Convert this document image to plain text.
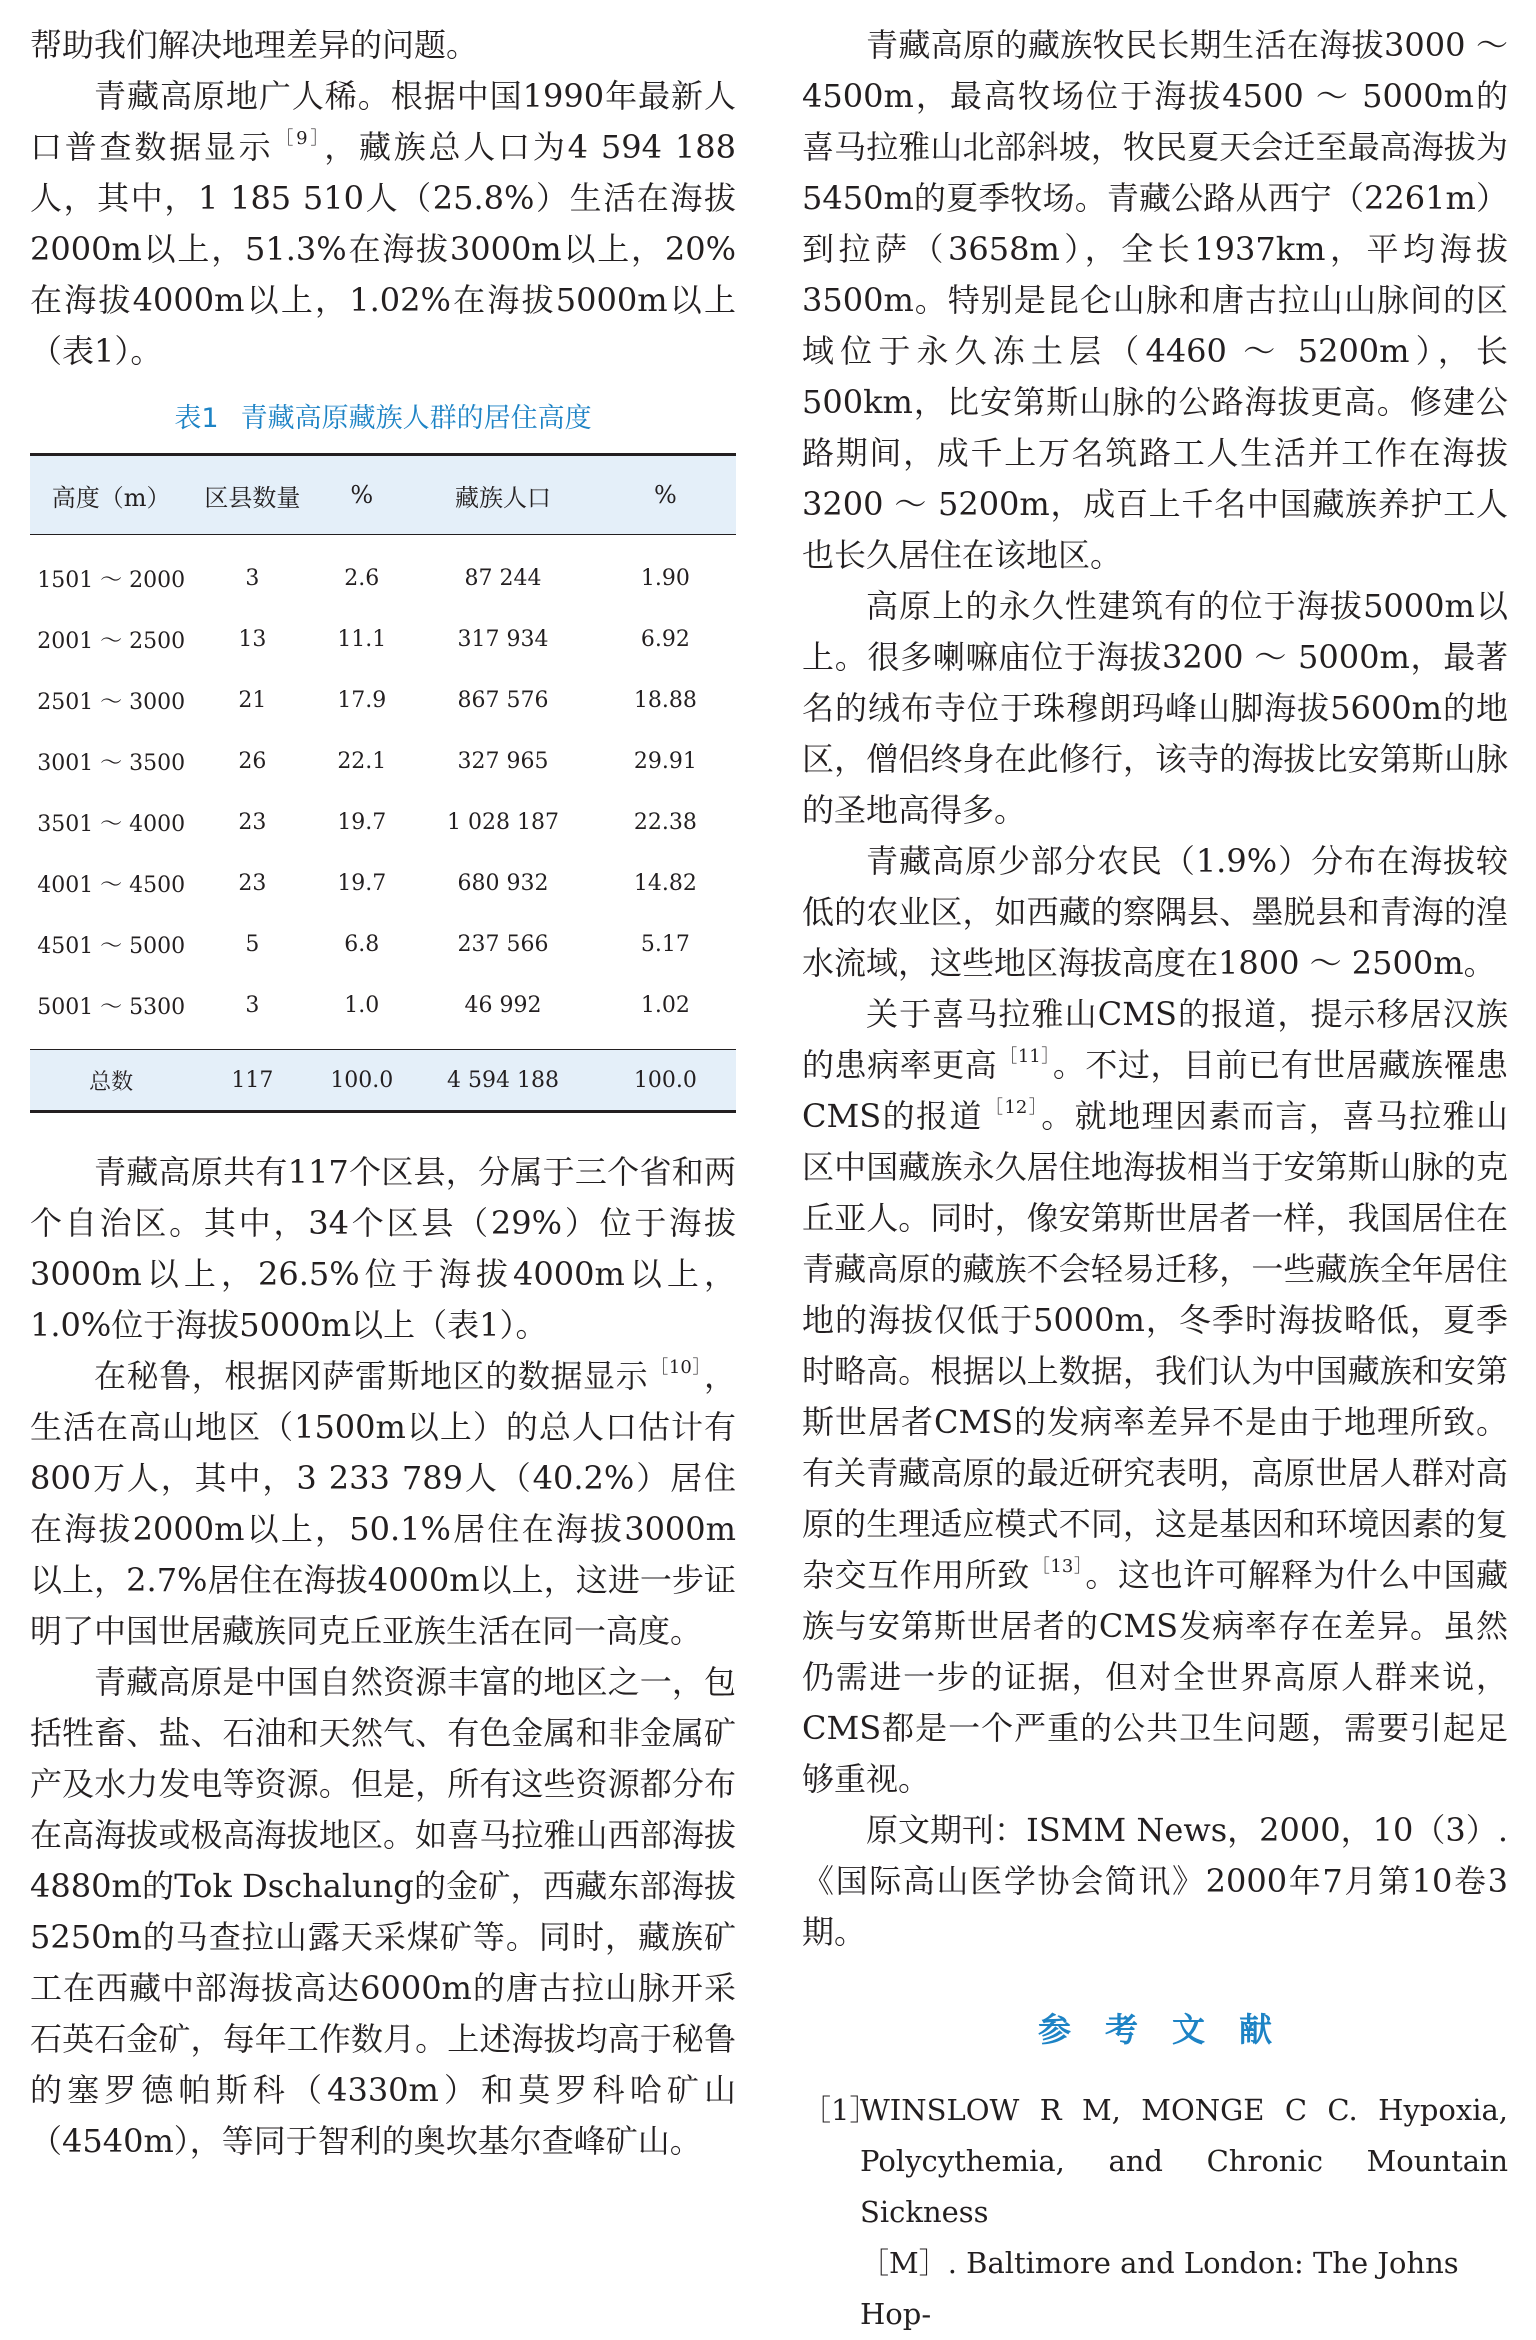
帮助我们解决地理差异的问题。

青藏高原地广人稀。根据中国1990年最新人口普查数据显示 $^{[9]}$，藏族总人口为4 594 188人，其中，1 185 510人（25.8%）生活在海拔2000m以上，51.3%在海拔3000m以上，20%在海拔4000m以上，1.02%在海拔5000m以上（表1）。

表1 青藏高原藏族人群的居住高度
高度（m）	区县数量	%	藏族人口	%
1501 ～ 2000	3	2.6	87 244	1.90
2001 ～ 2500	13	11.1	317 934	6.92
2501 ～ 3000	21	17.9	867 576	18.88
3001 ～ 3500	26	22.1	327 965	29.91
3501 ～ 4000	23	19.7	1 028 187	22.38
4001 ～ 4500	23	19.7	680 932	14.82
4501 ～ 5000	5	6.8	237 566	5.17
5001 ～ 5300	3	1.0	46 992	1.02
总数	117	100.0	4 594 188	100.0

青藏高原共有117个区县，分属于三个省和两个自治区。其中，34个区县（29%）位于海拔3000m以上，26.5%位于海拔4000m以上，1.0%位于海拔5000m以上（表1）。

在秘鲁，根据冈萨雷斯地区的数据显示 $^{[10]}$，生活在高山地区（1500m以上）的总人口估计有800万人，其中，3 233 789人（40.2%）居住在海拔2000m以上，50.1%居住在海拔3000m以上，2.7%居住在海拔4000m以上，这进一步证明了中国世居藏族同克丘亚族生活在同一高度。

青藏高原是中国自然资源丰富的地区之一，包括牲畜、盐、石油和天然气、有色金属和非金属矿产及水力发电等资源。但是，所有这些资源都分布在高海拔或极高海拔地区。如喜马拉雅山西部海拔4880m的Tok Dschalung的金矿，西藏东部海拔5250m的马查拉山露天采煤矿等。同时，藏族矿工在西藏中部海拔高达6000m的唐古拉山脉开采石英石金矿，每年工作数月。上述海拔均高于秘鲁的塞罗德帕斯科（4330m）和莫罗科哈矿山（4540m），等同于智利的奥坎基尔查峰矿山。

青藏高原的藏族牧民长期生活在海拔3000 ～ 4500m，最高牧场位于海拔4500 ～ 5000m的喜马拉雅山北部斜坡，牧民夏天会迁至最高海拔为5450m的夏季牧场。青藏公路从西宁（2261m）到拉萨（3658m），全长1937km，平均海拔3500m。特别是昆仑山脉和唐古拉山山脉间的区域位于永久冻土层（4460 ～ 5200m），长500km，比安第斯山脉的公路海拔更高。修建公路期间，成千上万名筑路工人生活并工作在海拔3200 ～ 5200m，成百上千名中国藏族养护工人也长久居住在该地区。

高原上的永久性建筑有的位于海拔5000m以上。很多喇嘛庙位于海拔3200 ～ 5000m，最著名的绒布寺位于珠穆朗玛峰山脚海拔5600m的地区，僧侣终身在此修行，该寺的海拔比安第斯山脉的圣地高得多。

青藏高原少部分农民（1.9%）分布在海拔较低的农业区，如西藏的察隅县、墨脱县和青海的湟水流域，这些地区海拔高度在1800 ～ 2500m。

关于喜马拉雅山CMS的报道，提示移居汉族的患病率更高 $^{[11]}$。不过，目前已有世居藏族罹患CMS的报道 $^{[12]}$。就地理因素而言，喜马拉雅山区中国藏族永久居住地海拔相当于安第斯山脉的克丘亚人。同时，像安第斯世居者一样，我国居住在青藏高原的藏族不会轻易迁移，一些藏族全年居住地的海拔仅低于5000m，冬季时海拔略低，夏季时略高。根据以上数据，我们认为中国藏族和安第斯世居者CMS的发病率差异不是由于地理所致。有关青藏高原的最近研究表明，高原世居人群对高原的生理适应模式不同，这是基因和环境因素的复杂交互作用所致 $^{[13]}$。这也许可解释为什么中国藏族与安第斯世居者的CMS发病率存在差异。虽然仍需进一步的证据，但对全世界高原人群来说，CMS都是一个严重的公共卫生问题，需要引起足够重视。

原文期刊：ISMM News，2000，10（3）.《国际高山医学协会简讯》2000年7月第10卷3期。

参考文献
［1］
WINSLOW R M, MONGE C C. Hypoxia,
Polycythemia, and Chronic Mountain Sickness
［M］. Baltimore and London: The Johns Hop-
